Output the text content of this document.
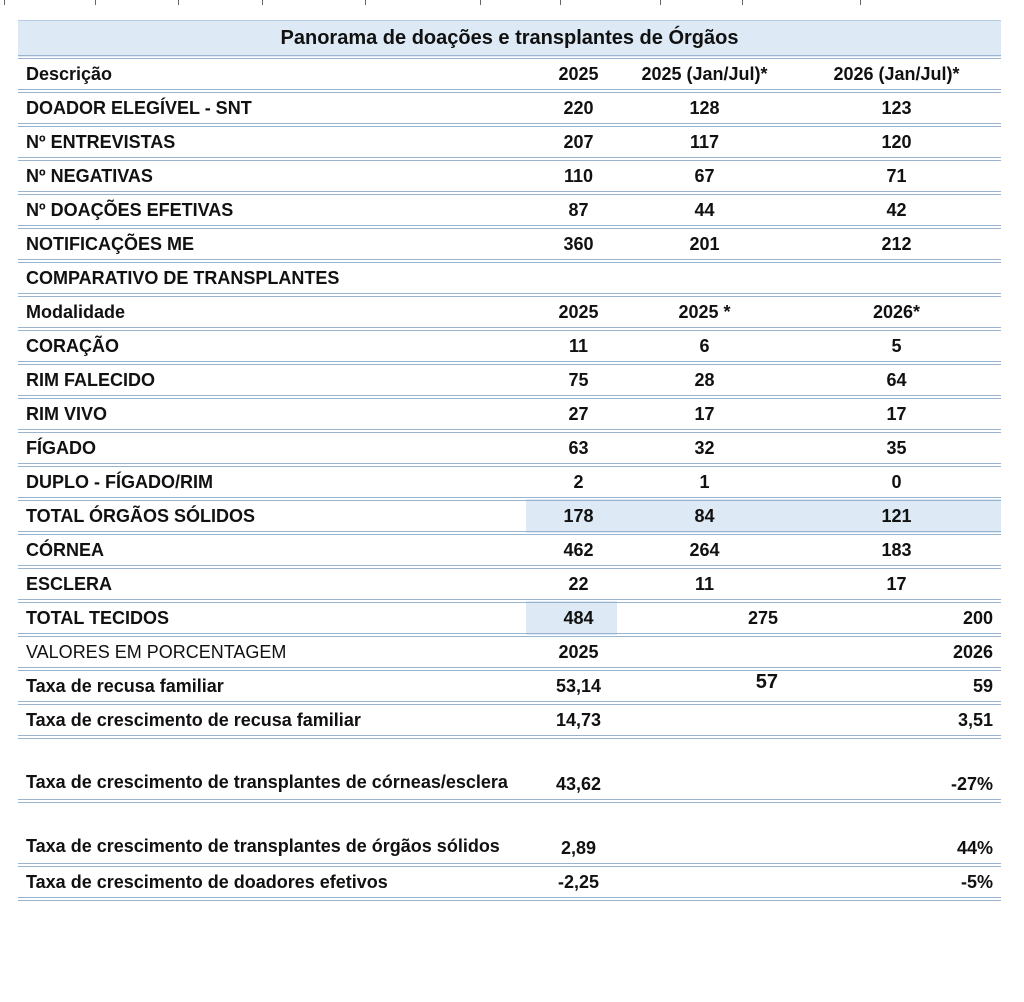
Panorama de doações e transplantes de Órgãos			
Descrição	2025	2025 (Jan/Jul)*	2026 (Jan/Jul)*
DOADOR ELEGÍVEL - SNT	220	128	123
Nº ENTREVISTAS	207	117	120
Nº NEGATIVAS	110	67	71
Nº DOAÇÕES EFETIVAS	87	44	42
NOTIFICAÇÕES ME	360	201	212
COMPARATIVO DE TRANSPLANTES			
Modalidade	2025	2025 *	2026*
CORAÇÃO	11	6	5
RIM FALECIDO	75	28	64
RIM VIVO	27	17	17
FÍGADO	63	32	35
DUPLO - FÍGADO/RIM	2	1	0
TOTAL ÓRGÃOS SÓLIDOS	178	84	121
CÓRNEA	462	264	183
ESCLERA	22	11	17
TOTAL TECIDOS	484	275	200
VALORES EM PORCENTAGEM	2025		2026
Taxa de recusa familiar	53,14	57	59
Taxa de crescimento de recusa familiar	14,73		3,51
Taxa de crescimento de transplantes de córneas/esclera	43,62		-27%
Taxa de crescimento de transplantes de órgãos sólidos	2,89		44%
Taxa de crescimento de doadores efetivos	-2,25		-5%
